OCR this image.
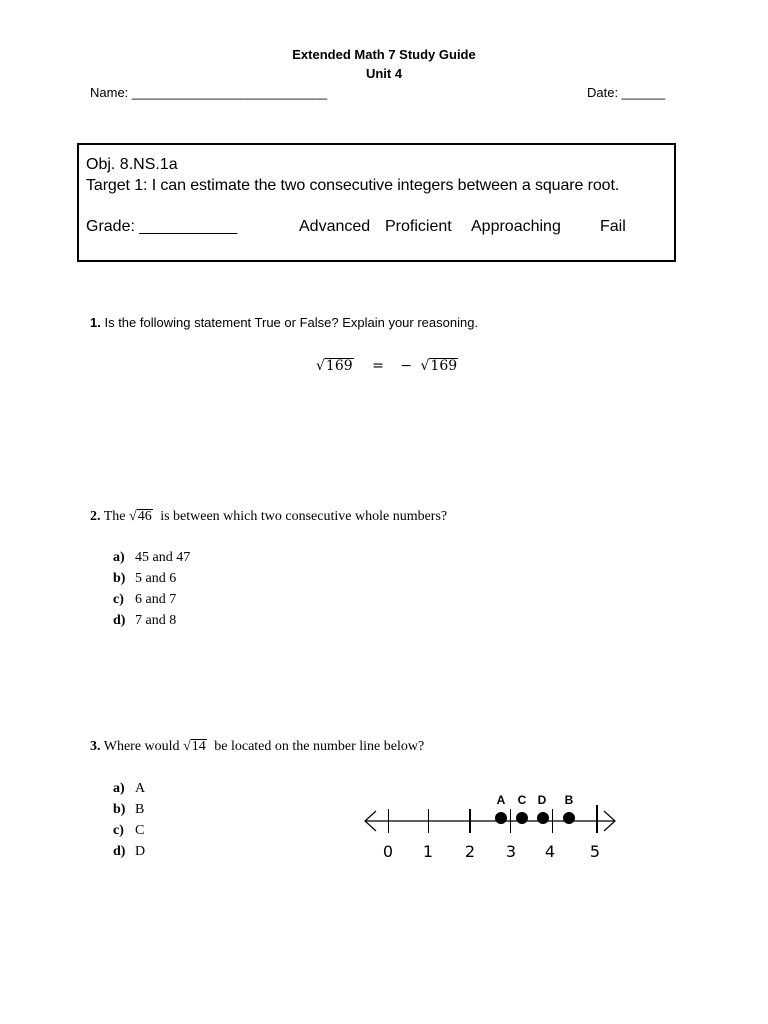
Extended Math 7 Study Guide
Unit 4
Name: ___________________________	Date: ______
Obj. 8.NS.1a
Target 1: I can estimate the two consecutive integers between a square root.
Grade: ___________	Advanced Proficient Approaching Fail
1. Is the following statement True or False? Explain your reasoning.
√169 = − √169
2. The √46 is between which two consecutive whole numbers?
a) 45 and 47
b) 5 and 6
c) 6 and 7
d) 7 and 8
3. Where would √14 be located on the number line below?
a) A
b) B
c) C
d) D	0 1 2 3 4 5
A C D B
